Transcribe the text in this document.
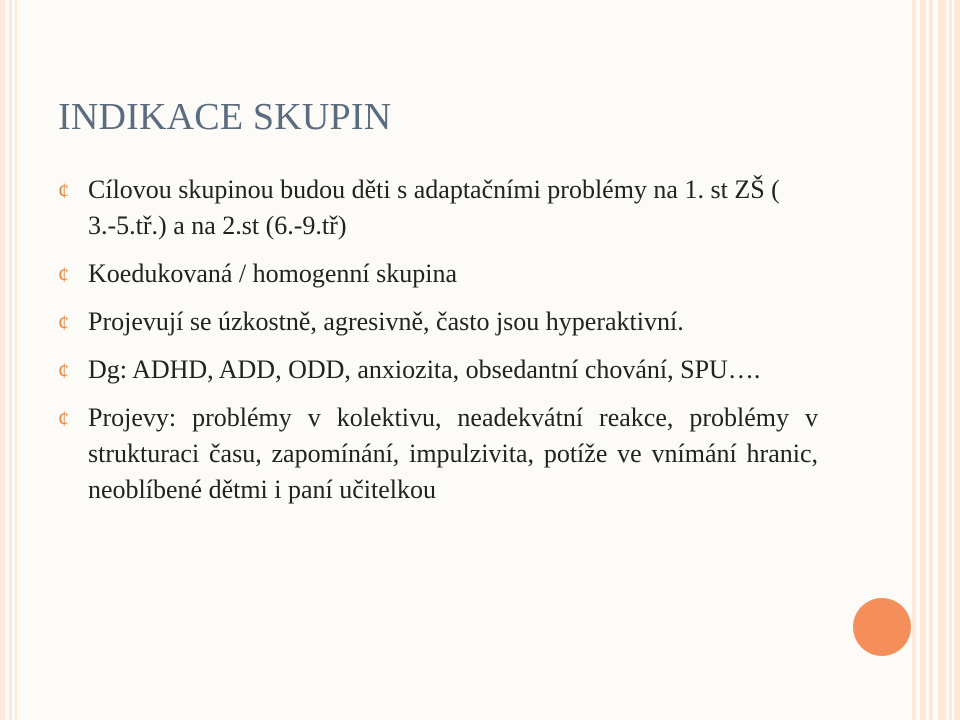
INDIKACE SKUPIN
¢ Cílovou skupinou budou děti s adaptačními problémy na 1. st ZŠ ( 3.-5.tř.) a na 2.st (6.-9.tř)
¢ Koedukovaná / homogenní skupina
¢ Projevují se úzkostně, agresivně, často jsou hyperaktivní.
¢ Dg: ADHD, ADD, ODD, anxiozita, obsedantní chování, SPU….
¢ Projevy: problémy v kolektivu, neadekvátní reakce, problémy v strukturaci času, zapomínání, impulzivita, potíže ve vnímání hranic, neoblíbené dětmi i paní učitelkou
